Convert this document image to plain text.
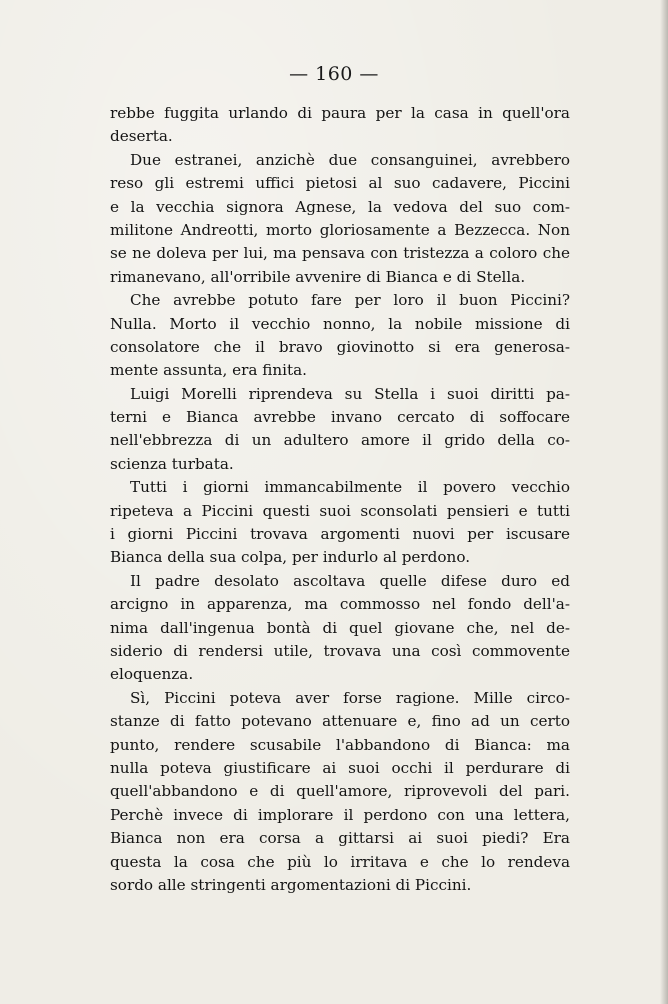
— 160 —
rebbe fuggita urlando di paura per la casa in quell'ora
deserta.
Due estranei, anzichè due consanguinei, avrebbero
reso gli estremi uffici pietosi al suo cadavere, Piccini
e la vecchia signora Agnese, la vedova del suo com-
militone Andreotti, morto gloriosamente a Bezzecca. Non
se ne doleva per lui, ma pensava con tristezza a coloro che
rimanevano, all'orribile avvenire di Bianca e di Stella.
Che avrebbe potuto fare per loro il buon Piccini?
Nulla. Morto il vecchio nonno, la nobile missione di
consolatore che il bravo giovinotto si era generosa-
mente assunta, era finita.
Luigi Morelli riprendeva su Stella i suoi diritti pa-
terni e Bianca avrebbe invano cercato di soffocare
nell'ebbrezza di un adultero amore il grido della co-
scienza turbata.
Tutti i giorni immancabilmente il povero vecchio
ripeteva a Piccini questi suoi sconsolati pensieri e tutti
i giorni Piccini trovava argomenti nuovi per iscusare
Bianca della sua colpa, per indurlo al perdono.
Il padre desolato ascoltava quelle difese duro ed
arcigno in apparenza, ma commosso nel fondo dell'a-
nima dall'ingenua bontà di quel giovane che, nel de-
siderio di rendersi utile, trovava una così commovente
eloquenza.
Sì, Piccini poteva aver forse ragione. Mille circo-
stanze di fatto potevano attenuare e, fino ad un certo
punto, rendere scusabile l'abbandono di Bianca: ma
nulla poteva giustificare ai suoi occhi il perdurare di
quell'abbandono e di quell'amore, riprovevoli del pari.
Perchè invece di implorare il perdono con una lettera,
Bianca non era corsa a gittarsi ai suoi piedi? Era
questa la cosa che più lo irritava e che lo rendeva
sordo alle stringenti argomentazioni di Piccini.
